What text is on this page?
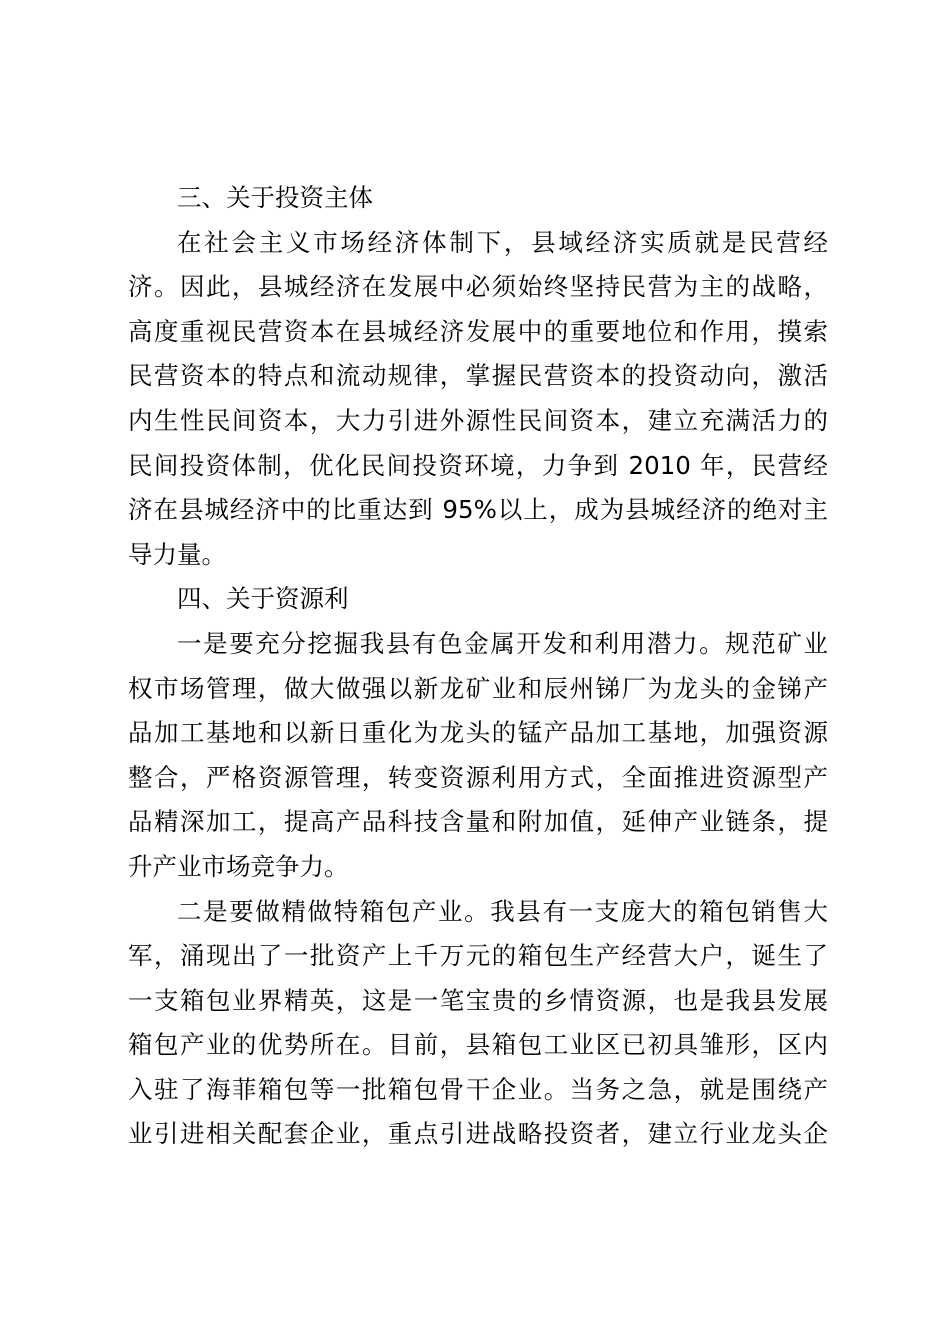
三、关于投资主体
在社会主义市场经济体制下，县域经济实质就是民营经
济。因此，县城经济在发展中必须始终坚持民营为主的战略，
高度重视民营资本在县城经济发展中的重要地位和作用，摸索
民营资本的特点和流动规律，掌握民营资本的投资动向，激活
内生性民间资本，大力引进外源性民间资本，建立充满活力的
民间投资体制，优化民间投资环境，力争到 2010 年，民营经
济在县城经济中的比重达到 95%以上，成为县城经济的绝对主
导力量。
四、关于资源利
一是要充分挖掘我县有色金属开发和利用潜力。规范矿业
权市场管理，做大做强以新龙矿业和辰州锑厂为龙头的金锑产
品加工基地和以新日重化为龙头的锰产品加工基地，加强资源
整合，严格资源管理，转变资源利用方式，全面推进资源型产
品精深加工，提高产品科技含量和附加值，延伸产业链条，提
升产业市场竞争力。
二是要做精做特箱包产业。我县有一支庞大的箱包销售大
军，涌现出了一批资产上千万元的箱包生产经营大户，诞生了
一支箱包业界精英，这是一笔宝贵的乡情资源，也是我县发展
箱包产业的优势所在。目前，县箱包工业区已初具雏形，区内
入驻了海菲箱包等一批箱包骨干企业。当务之急，就是围绕产
业引进相关配套企业，重点引进战略投资者，建立行业龙头企
